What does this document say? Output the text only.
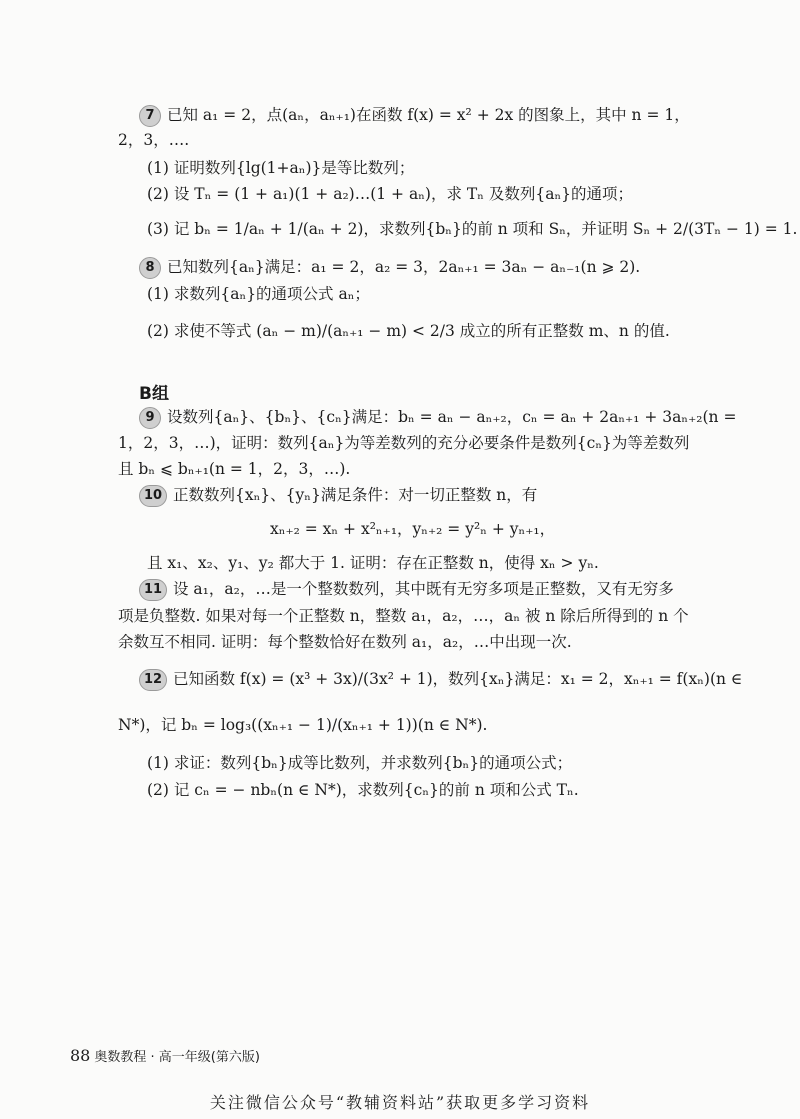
7 已知 a₁ = 2，点(aₙ，aₙ₊₁)在函数 f(x) = x² + 2x 的图象上，其中 n = 1，
2，3，….
(1) 证明数列{lg(1+aₙ)}是等比数列；
(2) 设 Tₙ = (1 + a₁)(1 + a₂)…(1 + aₙ)，求 Tₙ 及数列{aₙ}的通项；
(3) 记 bₙ = 1/aₙ + 1/(aₙ + 2)，求数列{bₙ}的前 n 项和 Sₙ，并证明 Sₙ + 2/(3Tₙ − 1) = 1.
8 已知数列{aₙ}满足：a₁ = 2，a₂ = 3，2aₙ₊₁ = 3aₙ − aₙ₋₁(n ⩾ 2).
(1) 求数列{aₙ}的通项公式 aₙ；
(2) 求使不等式 (aₙ − m)/(aₙ₊₁ − m) < 2/3 成立的所有正整数 m、n 的值.
B组
9 设数列{aₙ}、{bₙ}、{cₙ}满足：bₙ = aₙ − aₙ₊₂，cₙ = aₙ + 2aₙ₊₁ + 3aₙ₊₂(n =
1，2，3，…)，证明：数列{aₙ}为等差数列的充分必要条件是数列{cₙ}为等差数列
且 bₙ ⩽ bₙ₊₁(n = 1，2，3，…).
10 正数数列{xₙ}、{yₙ}满足条件：对一切正整数 n，有
xₙ₊₂ = xₙ + x²ₙ₊₁，yₙ₊₂ = y²ₙ + yₙ₊₁，
且 x₁、x₂、y₁、y₂ 都大于 1. 证明：存在正整数 n，使得 xₙ > yₙ.
11 设 a₁，a₂，…是一个整数数列，其中既有无穷多项是正整数，又有无穷多
项是负整数. 如果对每一个正整数 n，整数 a₁，a₂，…，aₙ 被 n 除后所得到的 n 个
余数互不相同. 证明：每个整数恰好在数列 a₁，a₂，…中出现一次.
12 已知函数 f(x) = (x³ + 3x)/(3x² + 1)，数列{xₙ}满足：x₁ = 2，xₙ₊₁ = f(xₙ)(n ∈
N*)，记 bₙ = log₃((xₙ₊₁ − 1)/(xₙ₊₁ + 1))(n ∈ N*).
(1) 求证：数列{bₙ}成等比数列，并求数列{bₙ}的通项公式；
(2) 记 cₙ = − nbₙ(n ∈ N*)，求数列{cₙ}的前 n 项和公式 Tₙ.
88 奥数教程 · 高一年级(第六版)
关注微信公众号“教辅资料站”获取更多学习资料
